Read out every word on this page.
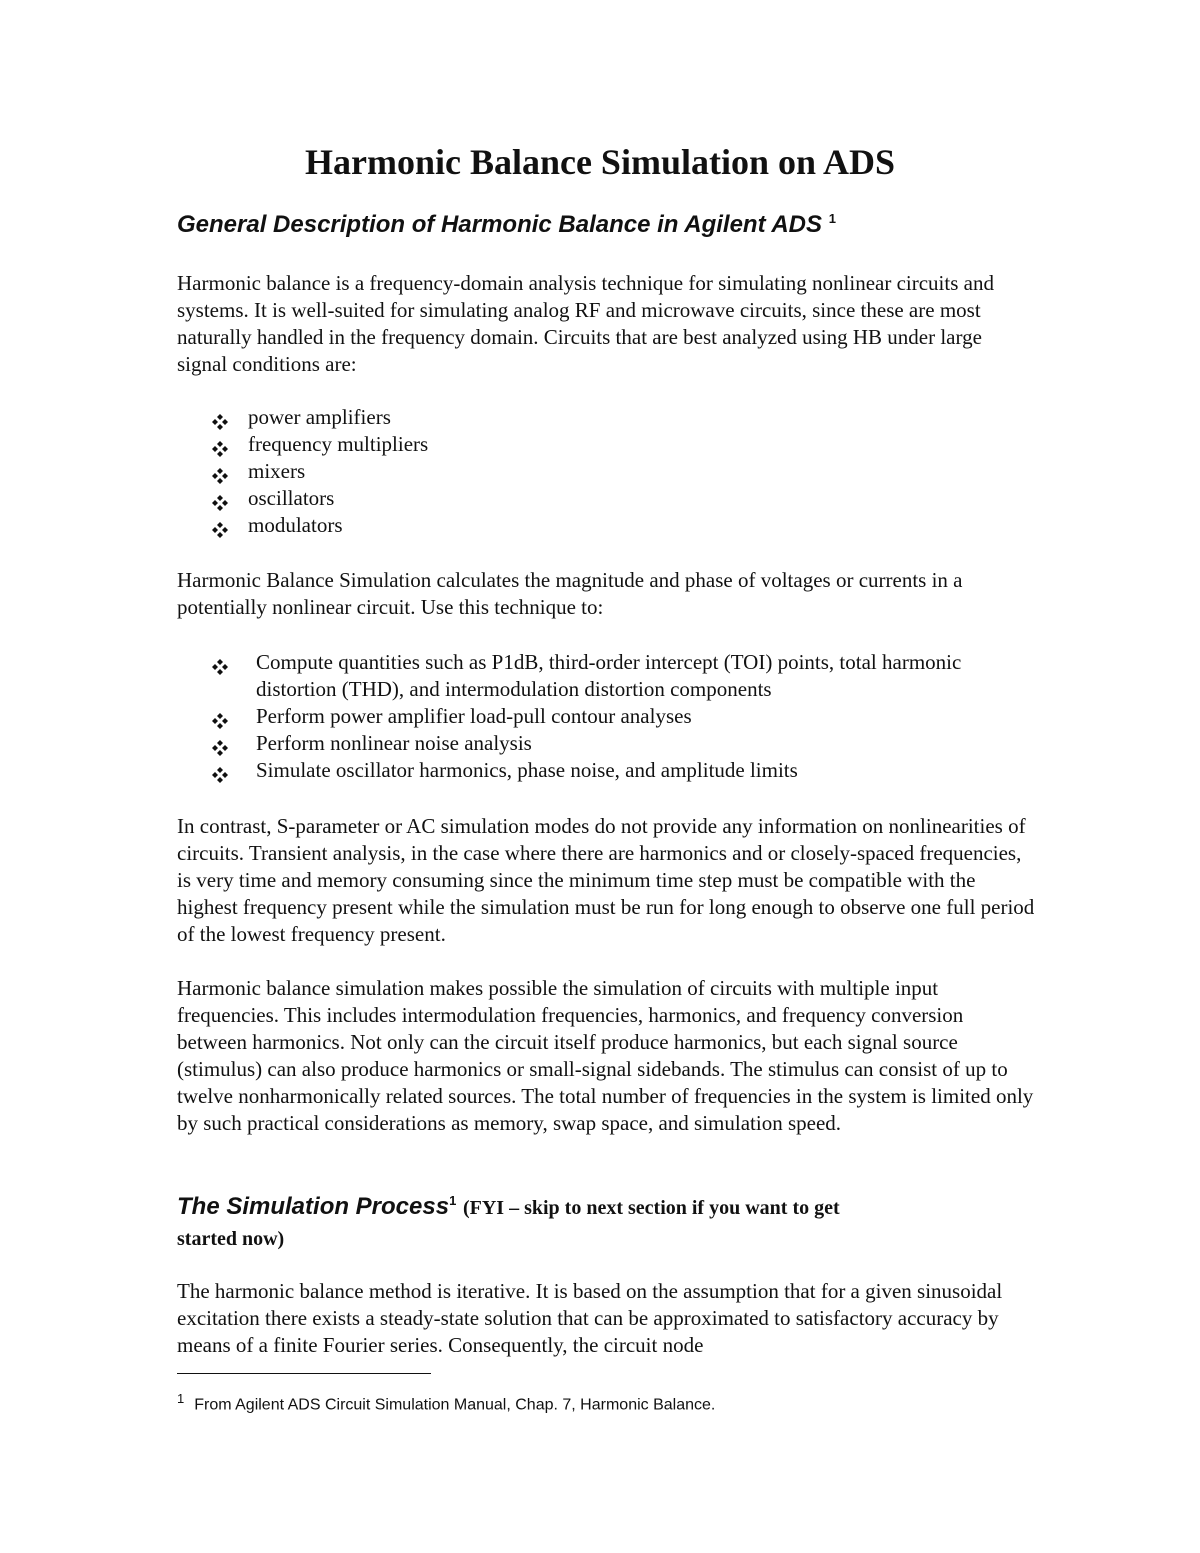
Harmonic Balance Simulation on ADS
General Description of Harmonic Balance in Agilent ADS $^1$

Harmonic balance is a frequency-domain analysis technique for simulating nonlinear circuits and systems. It is well-suited for simulating analog RF and microwave circuits, since these are most naturally handled in the frequency domain. Circuits that are best analyzed using HB under large signal conditions are:

power amplifiers
frequency multipliers
mixers
oscillators
modulators

Harmonic Balance Simulation calculates the magnitude and phase of voltages or currents in a potentially nonlinear circuit. Use this technique to:

Compute quantities such as P1dB, third-order intercept (TOI) points, total harmonic distortion (THD), and intermodulation distortion components
Perform power amplifier load-pull contour analyses
Perform nonlinear noise analysis
Simulate oscillator harmonics, phase noise, and amplitude limits

In contrast, S-parameter or AC simulation modes do not provide any information on nonlinearities of circuits. Transient analysis, in the case where there are harmonics and or closely-spaced frequencies, is very time and memory consuming since the minimum time step must be compatible with the highest frequency present while the simulation must be run for long enough to observe one full period of the lowest frequency present.

Harmonic balance simulation makes possible the simulation of circuits with multiple input frequencies. This includes intermodulation frequencies, harmonics, and frequency conversion between harmonics. Not only can the circuit itself produce harmonics, but each signal source (stimulus) can also produce harmonics or small-signal sidebands. The stimulus can consist of up to twelve nonharmonically related sources. The total number of frequencies in the system is limited only by such practical considerations as memory, swap space, and simulation speed.

The Simulation Process$^1$ (FYI – skip to next section if you want to get
started now)

The harmonic balance method is iterative. It is based on the assumption that for a given sinusoidal excitation there exists a steady-state solution that can be approximated to satisfactory accuracy by means of a finite Fourier series. Consequently, the circuit node

$^1$ From Agilent ADS Circuit Simulation Manual, Chap. 7, Harmonic Balance.
